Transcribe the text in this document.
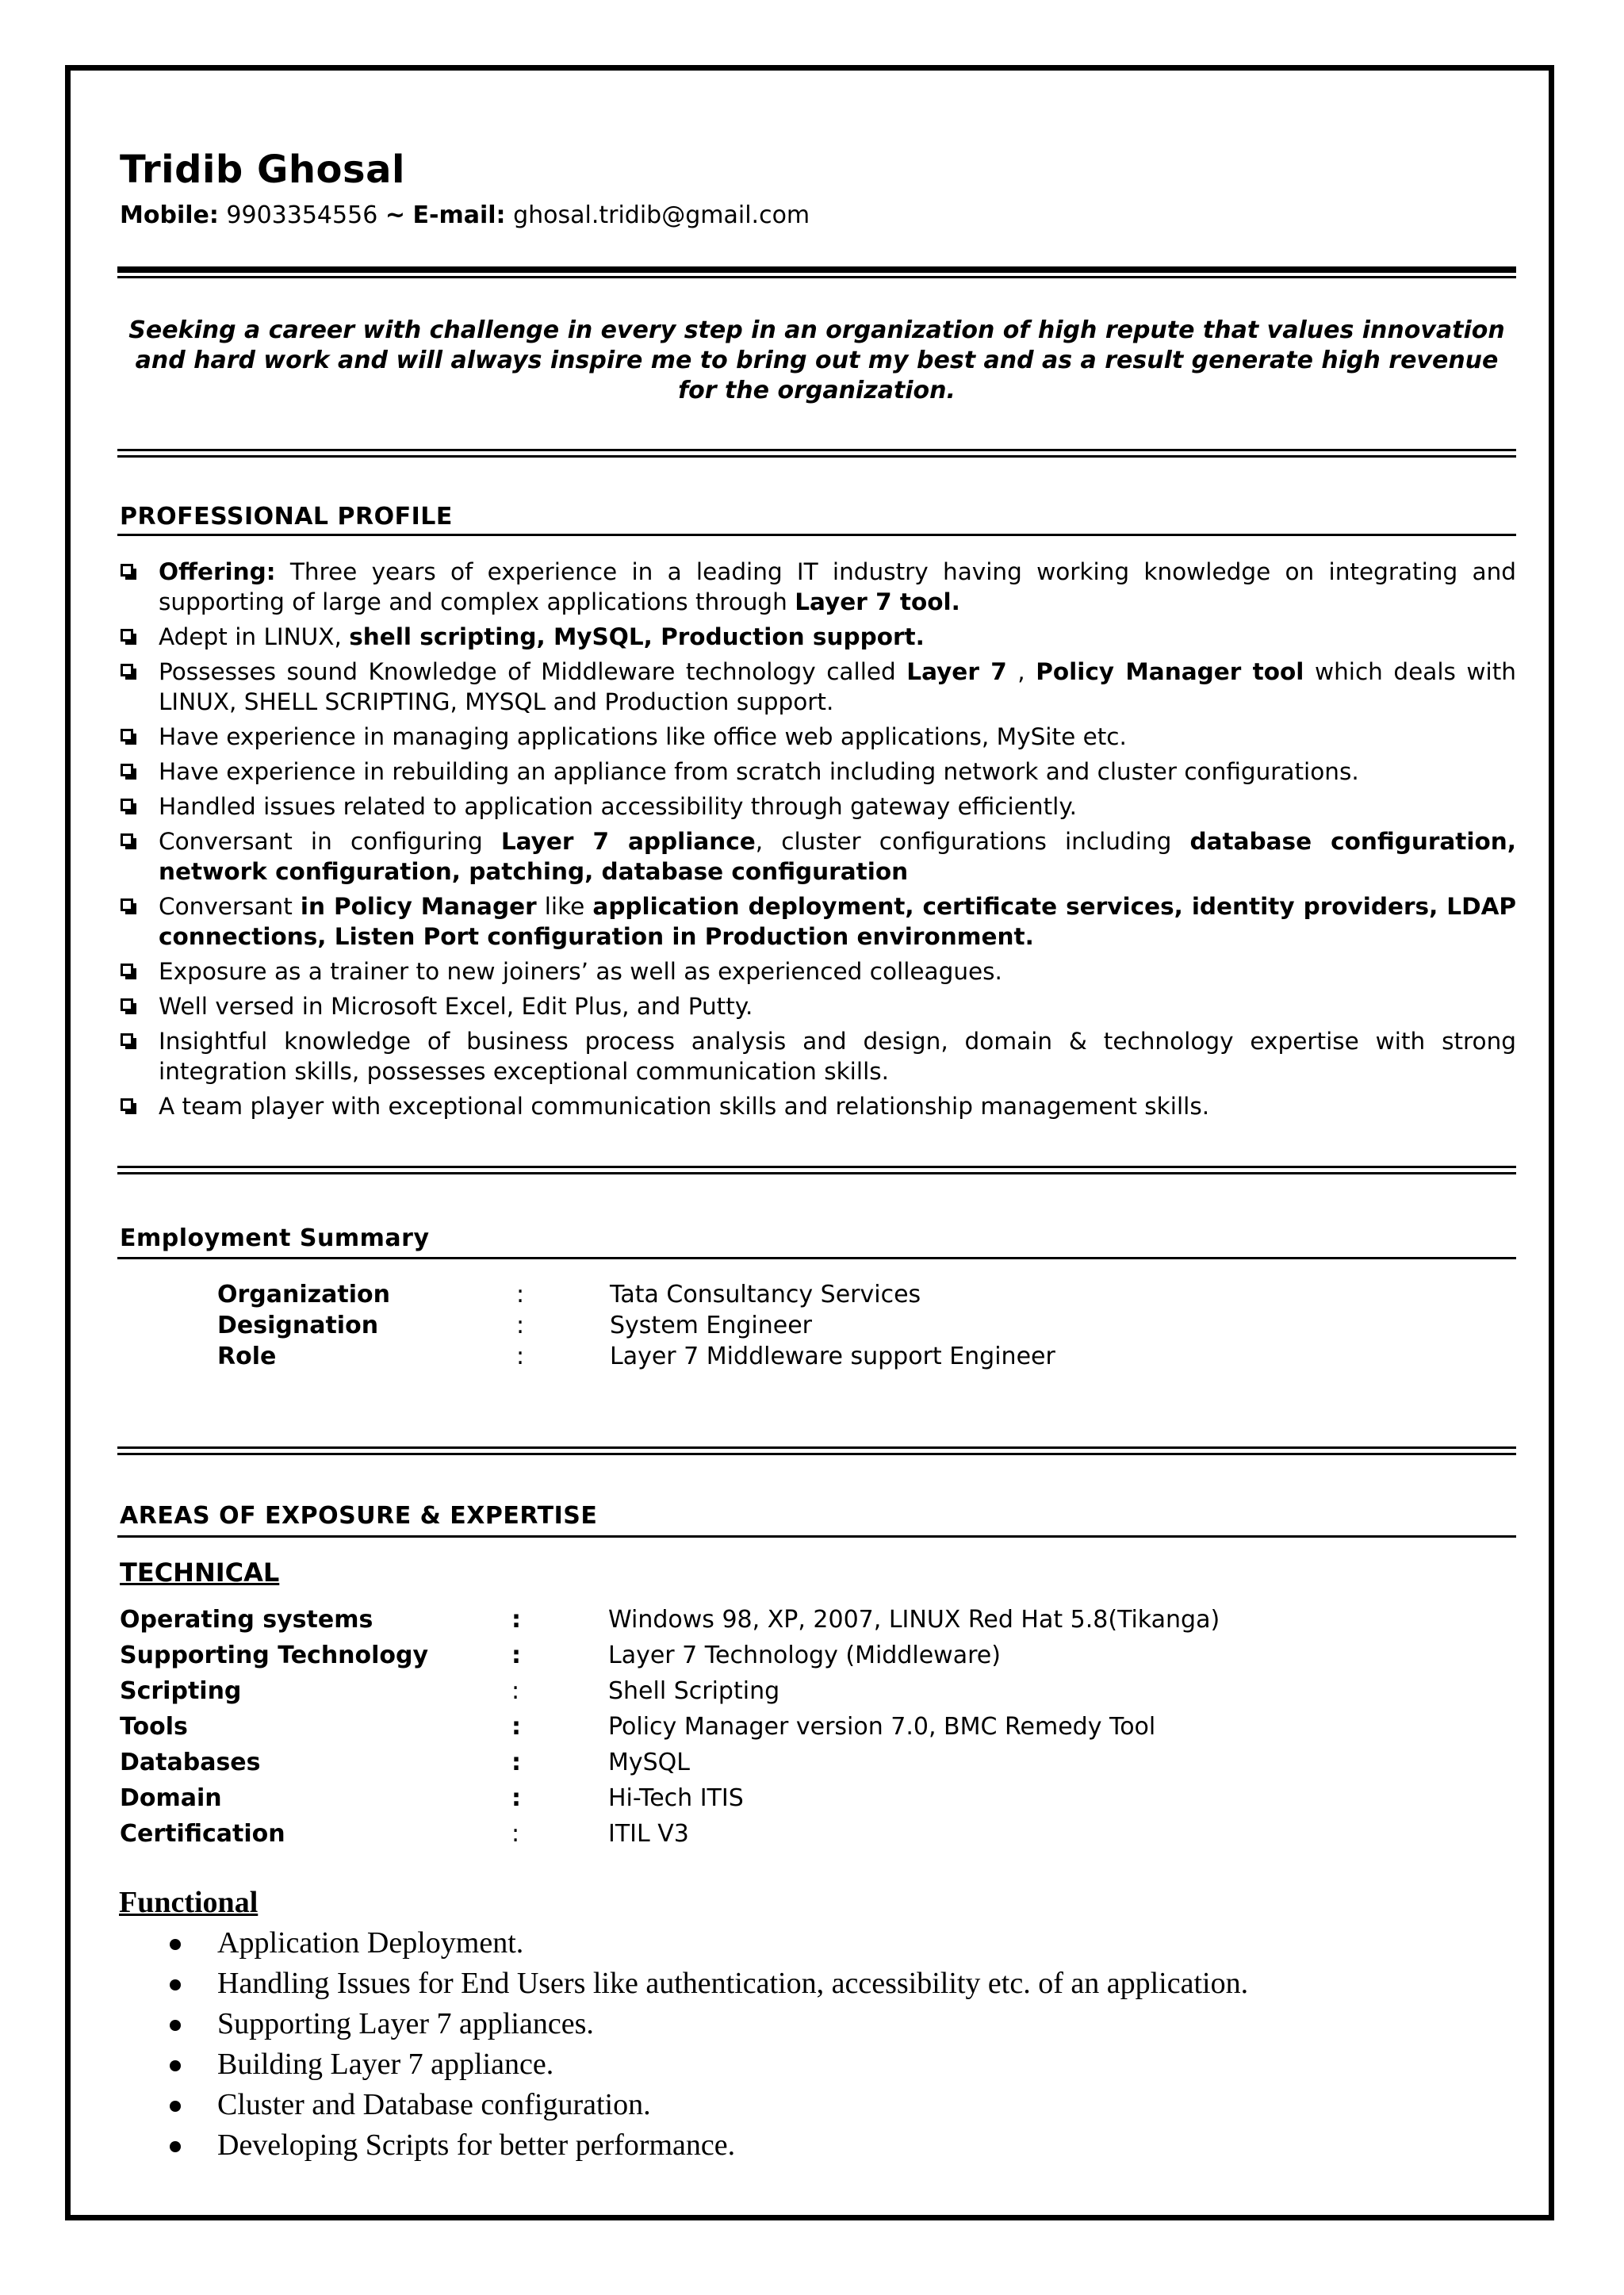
Tridib Ghosal
Mobile: 9903354556 ~ E-mail: ghosal.tridib@gmail.com
Seeking a career with challenge in every step in an organization of high repute that values innovation and hard work and will always inspire me to bring out my best and as a result generate high revenue for the organization.
PROFESSIONAL PROFILE
Offering: Three years of experience in a leading IT industry having working knowledge on integrating and supporting of large and complex applications through Layer 7 tool.
Adept in LINUX, shell scripting, MySQL, Production support.
Possesses sound Knowledge of Middleware technology called Layer 7 , Policy Manager tool which deals with LINUX, SHELL SCRIPTING, MYSQL and Production support.
Have experience in managing applications like office web applications, MySite etc.
Have experience in rebuilding an appliance from scratch including network and cluster configurations.
Handled issues related to application accessibility through gateway efficiently.
Conversant in configuring Layer 7 appliance, cluster configurations including database configuration, network configuration, patching, database configuration
Conversant in Policy Manager like application deployment, certificate services, identity providers, LDAP connections, Listen Port configuration in Production environment.
Exposure as a trainer to new joiners’ as well as experienced colleagues.
Well versed in Microsoft Excel, Edit Plus, and Putty.
Insightful knowledge of business process analysis and design, domain & technology expertise with strong integration skills, possesses exceptional communication skills.
A team player with exceptional communication skills and relationship management skills.
Employment Summary
Organization	:	Tata Consultancy Services
Designation	:	System Engineer
Role	:	Layer 7 Middleware support Engineer
AREAS OF EXPOSURE & EXPERTISE
TECHNICAL
Operating systems	:	Windows 98, XP, 2007, LINUX Red Hat 5.8(Tikanga)
Supporting Technology	:	Layer 7 Technology (Middleware)
Scripting	:	Shell Scripting
Tools	:	Policy Manager version 7.0, BMC Remedy Tool
Databases	:	MySQL
Domain	:	Hi-Tech ITIS
Certification	:	ITIL V3
Functional
Application Deployment.
Handling Issues for End Users like authentication, accessibility etc. of an application.
Supporting Layer 7 appliances.
Building Layer 7 appliance.
Cluster and Database configuration.
Developing Scripts for better performance.
